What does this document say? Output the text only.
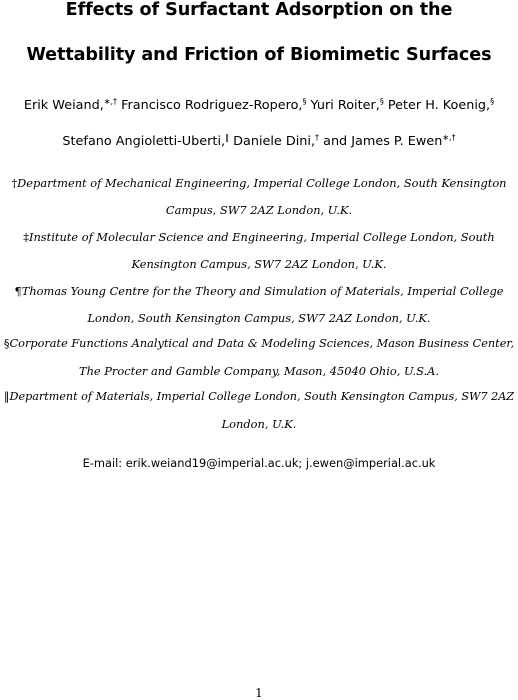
Effects of Surfactant Adsorption on the
Wettability and Friction of Biomimetic Surfaces
Erik Weiand,∗,† Francisco Rodriguez-Ropero,§ Yuri Roiter,§ Peter H. Koenig,§
Stefano Angioletti-Uberti,‖ Daniele Dini,† and James P. Ewen∗,†
†Department of Mechanical Engineering, Imperial College London, South Kensington
Campus, SW7 2AZ London, U.K.
‡Institute of Molecular Science and Engineering, Imperial College London, South
Kensington Campus, SW7 2AZ London, U.K.
¶Thomas Young Centre for the Theory and Simulation of Materials, Imperial College
London, South Kensington Campus, SW7 2AZ London, U.K.
§Corporate Functions Analytical and Data & Modeling Sciences, Mason Business Center,
The Procter and Gamble Company, Mason, 45040 Ohio, U.S.A.
‖Department of Materials, Imperial College London, South Kensington Campus, SW7 2AZ
London, U.K.
E-mail: erik.weiand19@imperial.ac.uk; j.ewen@imperial.ac.uk
1
